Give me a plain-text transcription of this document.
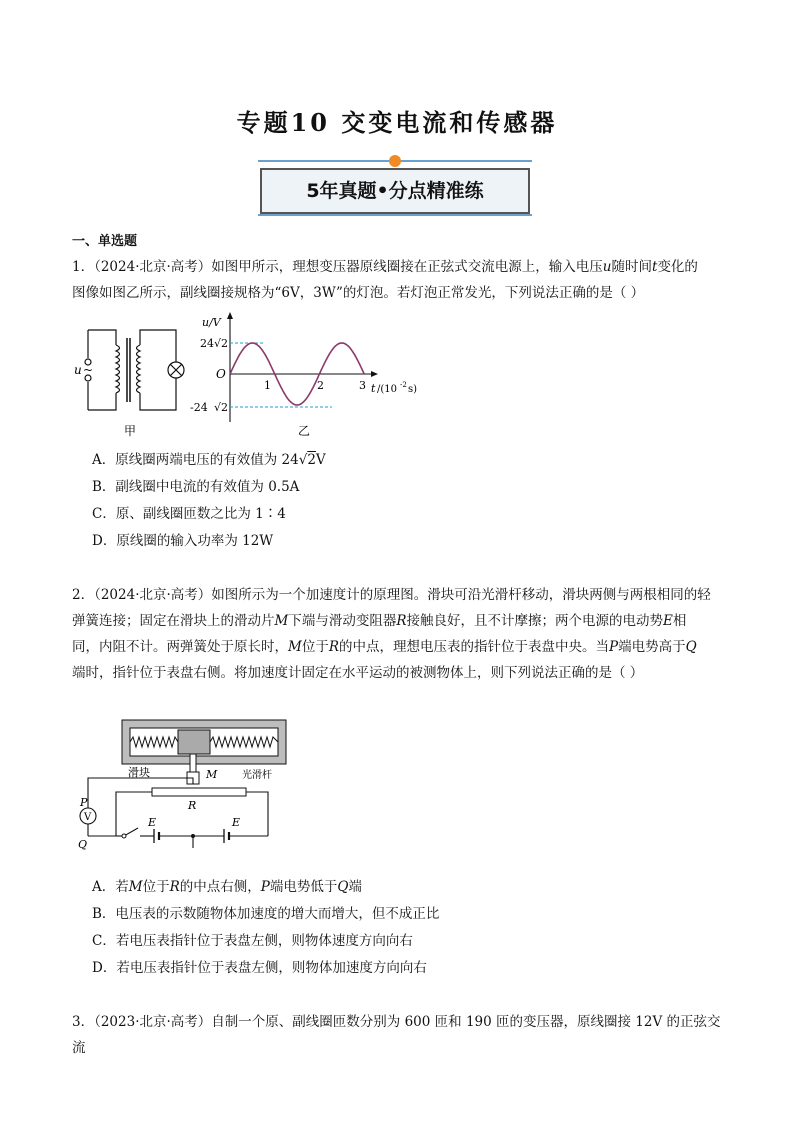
专题10 交变电流和传感器
5年真题•分点精准练
一、单选题
1．（2024·北京·高考）如图甲所示，理想变压器原线圈接在正弦式交流电源上，输入电压u随时间t变化的
图像如图乙所示，副线圈接规格为“6V，3W”的灯泡。若灯泡正常发光，下列说法正确的是（ ）
u ~
甲
u/V
24 √ 2
-24 √ 2
O
1	2	3 t /(10 -2 s)
乙
A．原线圈两端电压的有效值为 24√2V
B．副线圈中电流的有效值为 0.5A
C．原、副线圈匝数之比为 1∶4
D．原线圈的输入功率为 12W
2．（2024·北京·高考）如图所示为一个加速度计的原理图。滑块可沿光滑杆移动，滑块两侧与两根相同的轻
弹簧连接；固定在滑块上的滑动片M下端与滑动变阻器R接触良好，且不计摩擦；两个电源的电动势E相
同，内阻不计。两弹簧处于原长时，M位于R的中点，理想电压表的指针位于表盘中央。当P端电势高于Q
端时，指针位于表盘右侧。将加速度计固定在水平运动的被测物体上，则下列说法正确的是（ ）
V
滑块	M 光滑杆
R
P
Q
E	E
A．若M位于R的中点右侧，P端电势低于Q端
B．电压表的示数随物体加速度的增大而增大，但不成正比
C．若电压表指针位于表盘左侧，则物体速度方向向右
D．若电压表指针位于表盘左侧，则物体加速度方向向右
3．（2023·北京·高考）自制一个原、副线圈匝数分别为 600 匝和 190 匝的变压器，原线圈接 12V 的正弦交流
